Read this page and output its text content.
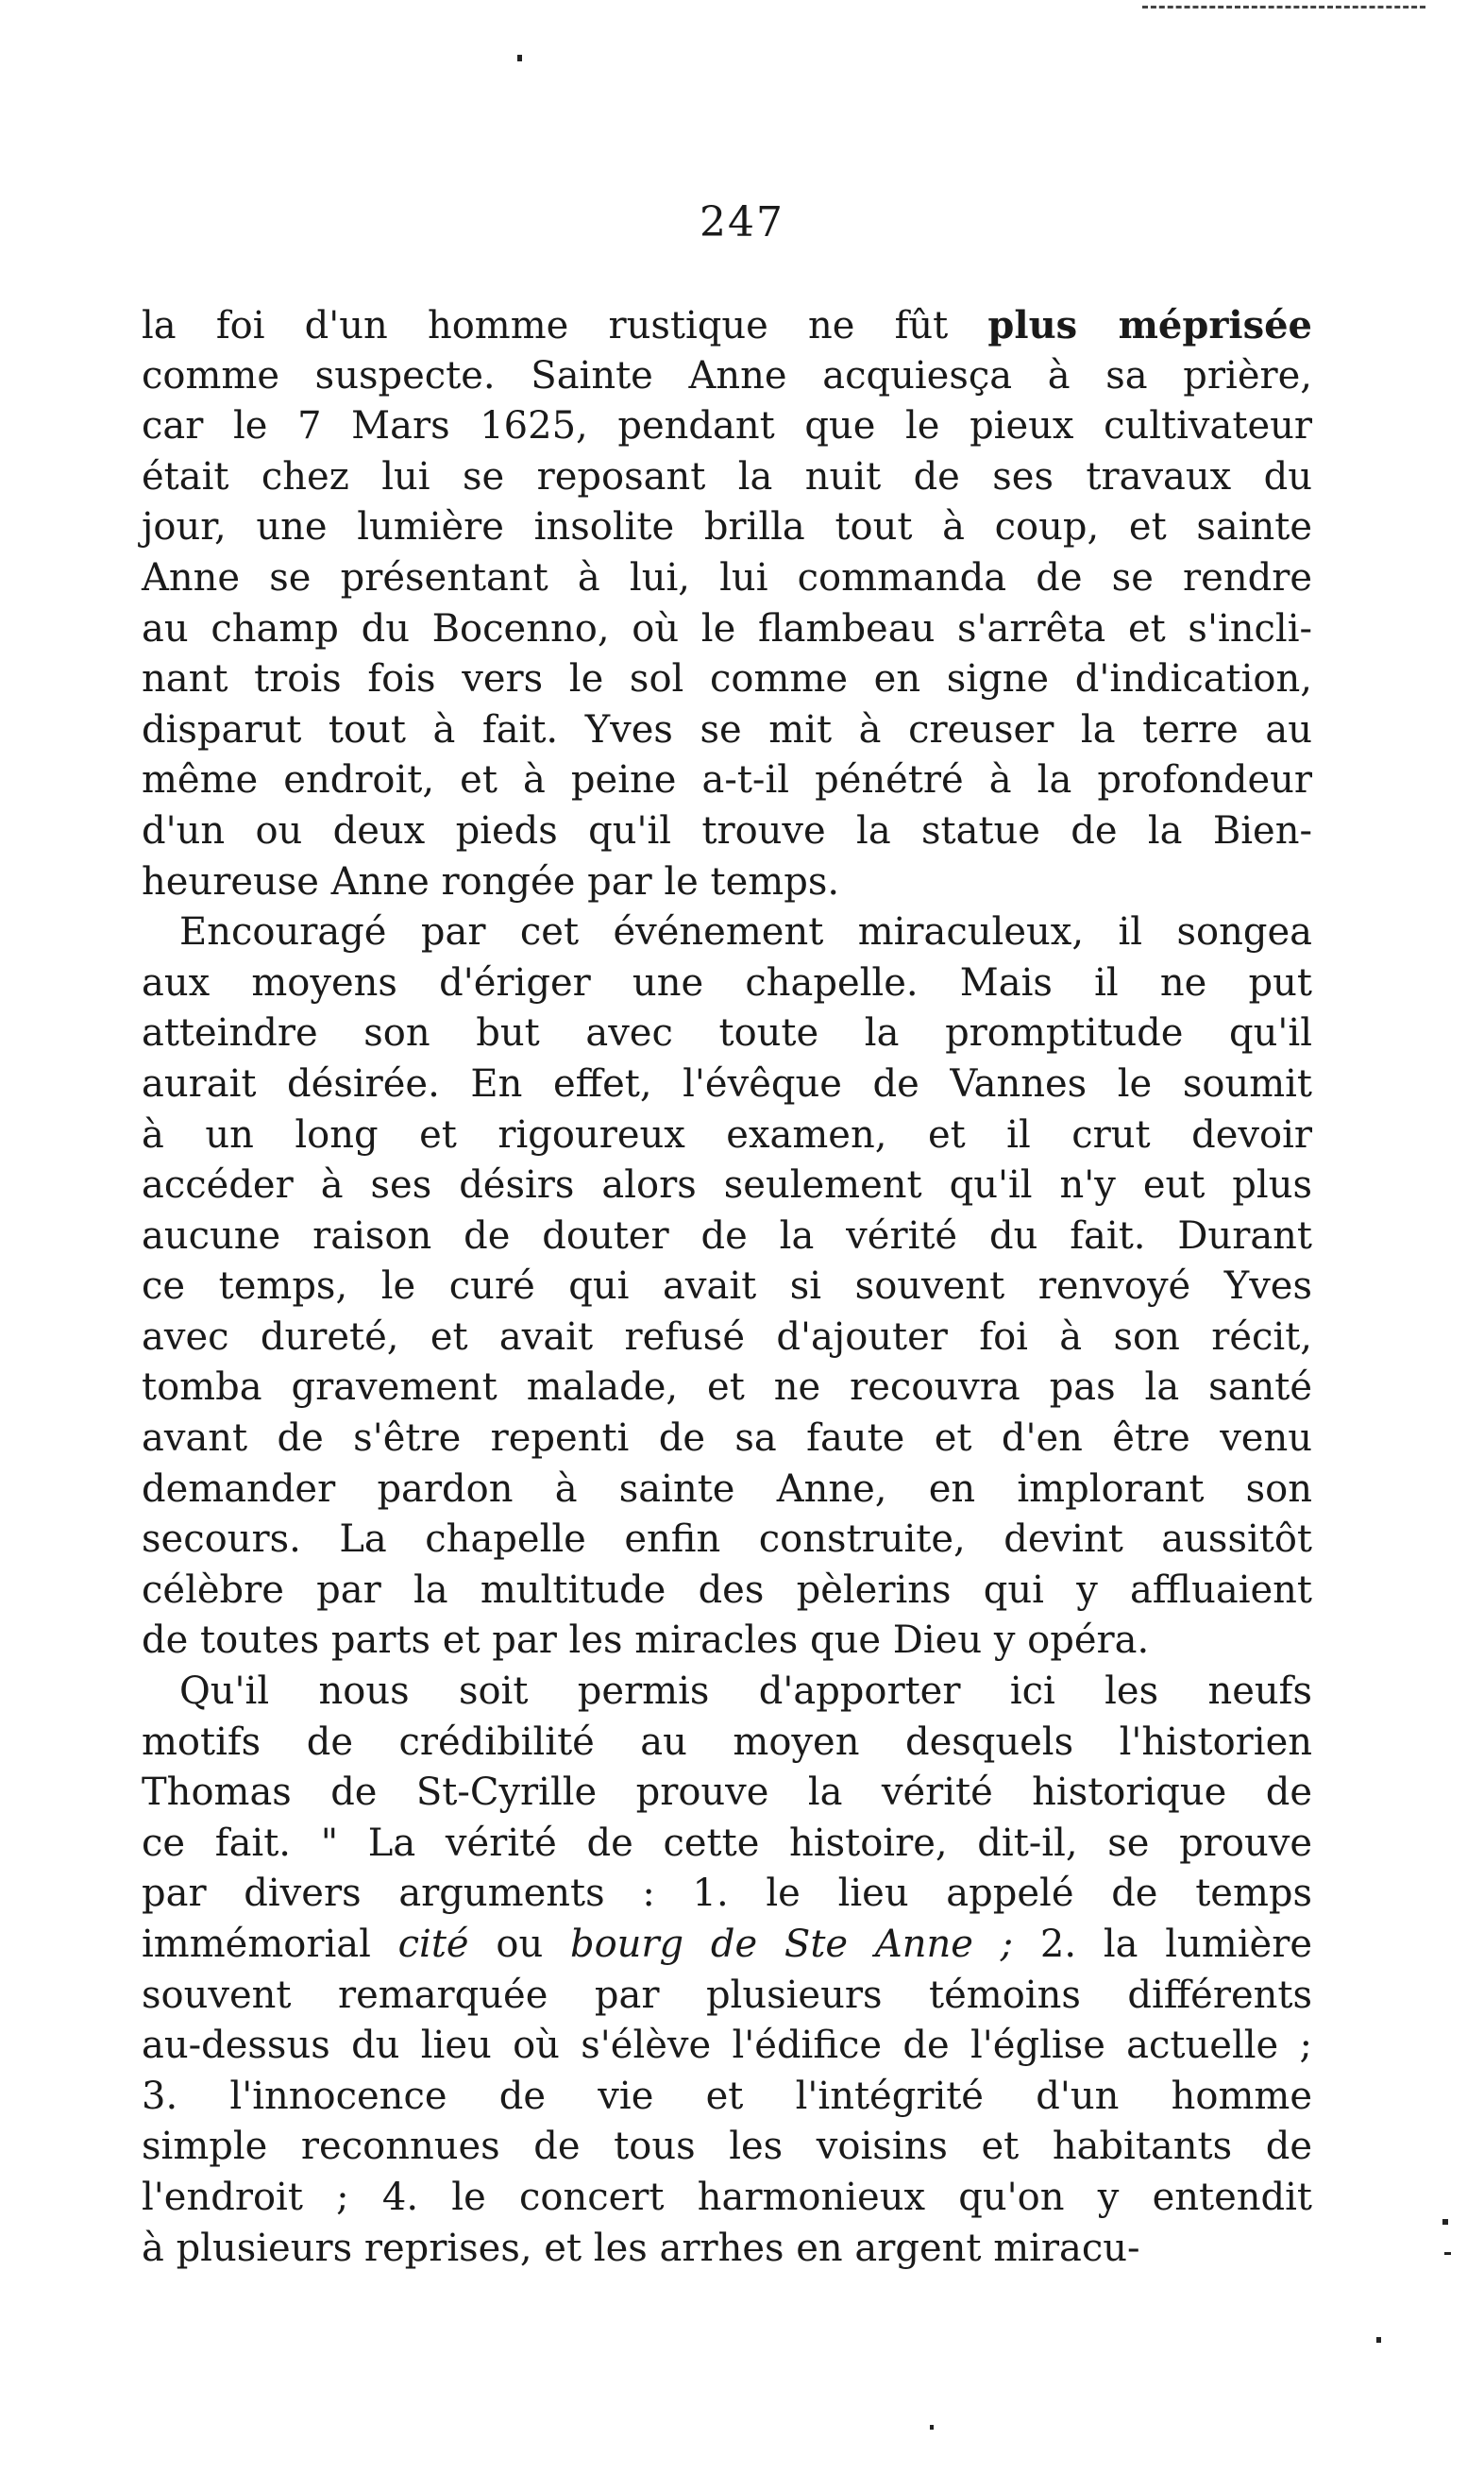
247
la foi d'un homme rustique ne fût plus méprisée
comme suspecte. Sainte Anne acquiesça à sa prière,
car le 7 Mars 1625, pendant que le pieux cultivateur
était chez lui se reposant la nuit de ses travaux du
jour, une lumière insolite brilla tout à coup, et sainte
Anne se présentant à lui, lui commanda de se rendre
au champ du Bocenno, où le flambeau s'arrêta et s'incli-
nant trois fois vers le sol comme en signe d'indication,
disparut tout à fait. Yves se mit à creuser la terre au
même endroit, et à peine a-t-il pénétré à la profondeur
d'un ou deux pieds qu'il trouve la statue de la Bien-
heureuse Anne rongée par le temps.
Encouragé par cet événement miraculeux, il songea
aux moyens d'ériger une chapelle. Mais il ne put
atteindre son but avec toute la promptitude qu'il
aurait désirée. En effet, l'évêque de Vannes le soumit
à un long et rigoureux examen, et il crut devoir
accéder à ses désirs alors seulement qu'il n'y eut plus
aucune raison de douter de la vérité du fait. Durant
ce temps, le curé qui avait si souvent renvoyé Yves
avec dureté, et avait refusé d'ajouter foi à son récit,
tomba gravement malade, et ne recouvra pas la santé
avant de s'être repenti de sa faute et d'en être venu
demander pardon à sainte Anne, en implorant son
secours. La chapelle enfin construite, devint aussitôt
célèbre par la multitude des pèlerins qui y affluaient
de toutes parts et par les miracles que Dieu y opéra.
Qu'il nous soit permis d'apporter ici les neufs
motifs de crédibilité au moyen desquels l'historien
Thomas de St-Cyrille prouve la vérité historique de
ce fait. " La vérité de cette histoire, dit-il, se prouve
par divers arguments : 1. le lieu appelé de temps
immémorial cité ou bourg de Ste Anne ; 2. la lumière
souvent remarquée par plusieurs témoins différents
au-dessus du lieu où s'élève l'édifice de l'église actuelle ;
3. l'innocence de vie et l'intégrité d'un homme
simple reconnues de tous les voisins et habitants de
l'endroit ; 4. le concert harmonieux qu'on y entendit
à plusieurs reprises, et les arrhes en argent miracu-
